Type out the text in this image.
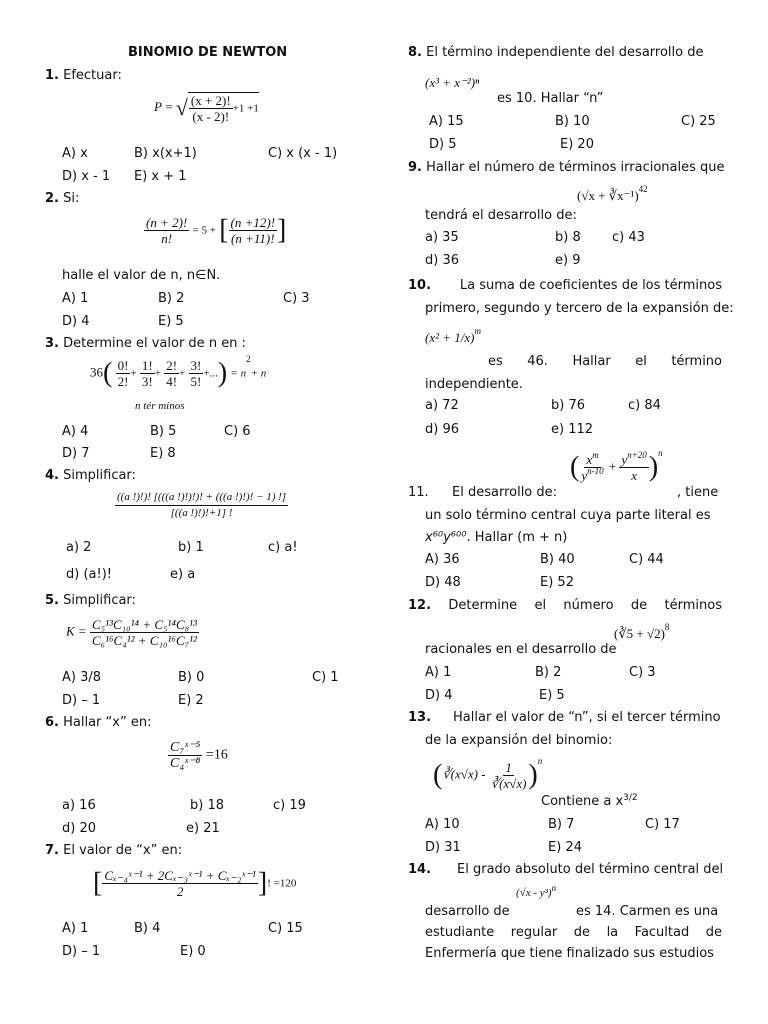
BINOMIO DE NEWTON
1. Efectuar:
P = √ $\frac{(x + 2)!}{(x - 2)!} +1 +1$
A) x	B) x(x+1)	C) x (x - 1)
D) x - 1 E) x + 1
2. Si:
$\frac{(n + 2)!}{n!} = 5$ + [ $\frac{(n +12)!}{(n +11)!}$ ]
halle el valor de n, n∈N.
A) 1	B) 2	C) 3
D) 4	E) 5
3. Determine el valor de n en :
$36( \frac{0!}{2!} + \frac{1!}{3!} + \frac{2!}{4!} + \frac{3!}{5!}$ +...) = $n^2+ n$
n tér minos
A) 4	B) 5	C) 6
D) 7	E) 8
4. Simplificar:
$\frac{((a !)!)! [(((a !)!)!)! + (((a !)!)! - 1) !]}{[((a !)!)!+1] !}$
a) 2	b) 1	c) a!
d) (a!)!	e) a
5. Simplificar:
$K = \frac{\text{C₅¹³C₁₀¹⁴ + C₅¹⁴C₈¹³}}{\text{C₆¹⁶C₄¹² + C₁₀¹⁶C₇¹²}}$
A) 3/8	B) 0	C) 1
D) – 1	E) 2
6. Hallar “x” en:
$\frac{\text{C₇ˣ⁻⁵}}{\text{C₄ˣ⁻⁸}} =16$
a) 16	b) 18	c) 19
d) 20	e) 21
7. El valor de “x” en:
[ $\frac{\text{Cₓ₋₄ˣ⁻¹ + 2Cₓ₋₃ˣ⁻¹ + Cₓ₋₂ˣ⁻¹}}{2}$ ]! =120
A) 1	B) 4	C) 15
D) – 1	E) 0
8. El término independiente del desarrollo de
(x³ + x⁻²)ⁿ
es 10. Hallar “n”
A) 15	B) 10	C) 25
D) 5	E) 20
9. Hallar el número de términos irracionales que
(√x + ∛x⁻¹)$^{42}$
tendrá el desarrollo de:
a) 35	b) 8 c) 43
d) 36	e) 9
10. La suma de coeficientes de los términos
primero, segundo y tercero de la expansión de:
$(x^2 + 1/x)^m$
es 46. Hallar el término
independiente.
a) 72	b) 76	c) 84
d) 96	e) 112
11. El desarrollo de:
( $\frac{x^m}{y^{n-10}} + \frac{y^{n+20}}{x} )^n$
, tiene
un solo término central cuya parte literal es
x⁶⁰y⁶⁰⁰. Hallar (m + n)
A) 36	B) 40	C) 44
D) 48	E) 52
12. Determine el número de términos
racionales en el desarrollo de
(∛5 + √2)$^8$
A) 1	B) 2	C) 3
D) 4	E) 5
13. Hallar el valor de “n”, si el tercer término
de la expansión del binomio:
(∛(x√x) - $\frac{1}{∛(x√x)} )^n$
Contiene a $x^{3/2}$
A) 10	B) 7	C) 17
D) 31	E) 24
14. El grado absoluto del término central del
desarrollo de
(√x - y³)$^n$
es 14. Carmen es una
estudiante regular de la Facultad de
Enfermería que tiene finalizado sus estudios
